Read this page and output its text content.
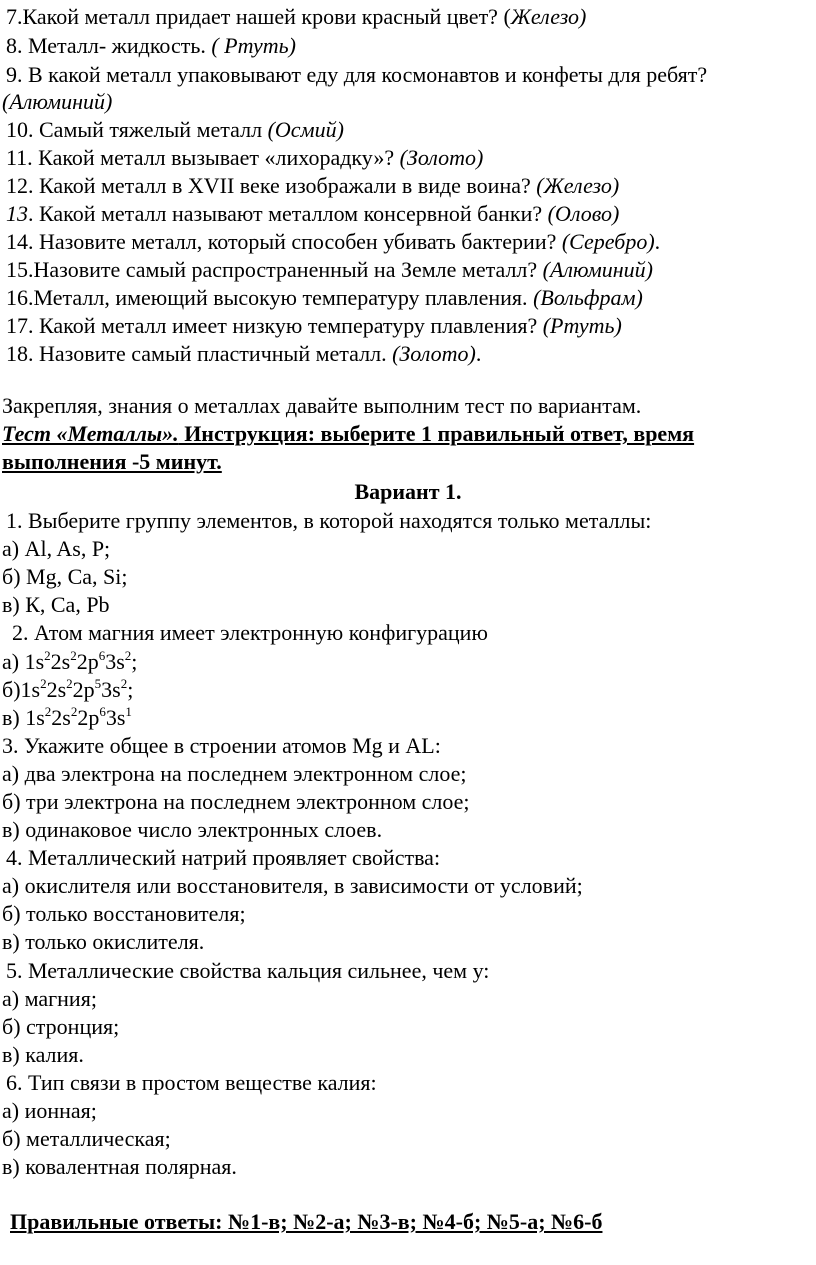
7.Какой металл придает нашей крови красный цвет? (Железо)
8. Металл- жидкость. ( Ртуть)
9. В какой металл упаковывают еду для космонавтов и конфеты для ребят?
(Алюминий)
10. Самый тяжелый металл (Осмий)
11. Какой металл вызывает «лихорадку»? (Золото)
12. Какой металл в XVII веке изображали в виде воина? (Железо)
13. Какой металл называют металлом консервной банки? (Олово)
14. Назовите металл, который способен убивать бактерии? (Серебро).
15.Назовите самый распространенный на Земле металл? (Алюминий)
16.Металл, имеющий высокую температуру плавления. (Вольфрам)
17. Какой металл имеет низкую температуру плавления? (Ртуть)
18. Назовите самый пластичный металл. (Золото).
Закрепляя, знания о металлах давайте выполним тест по вариантам.
Тест «Металлы». Инструкция: выберите 1 правильный ответ, время
выполнения -5 минут.
Вариант 1.
1. Выберите группу элементов, в которой находятся только металлы:
а) Al, As, P;
б) Mg, Ca, Si;
в) К, Ca, Pb
2. Атом магния имеет электронную конфигурацию
а) $1s^22s^22p^63s^2$;
$б)1s^22s^22p^53s^2$;
в) $1s^22s^22p^63s^1$
3. Укажите общее в строении атомов Mg и AL:
а) два электрона на последнем электронном слое;
б) три электрона на последнем электронном слое;
в) одинаковое число электронных слоев.
4. Металлический натрий проявляет свойства:
а) окислителя или восстановителя, в зависимости от условий;
б) только восстановителя;
в) только окислителя.
5. Металлические свойства кальция сильнее, чем у:
а) магния;
б) стронция;
в) калия.
6. Тип связи в простом веществе калия:
а) ионная;
б) металлическая;
в) ковалентная полярная.
Правильные ответы: №1-в; №2-а; №3-в; №4-б; №5-а; №6-б
